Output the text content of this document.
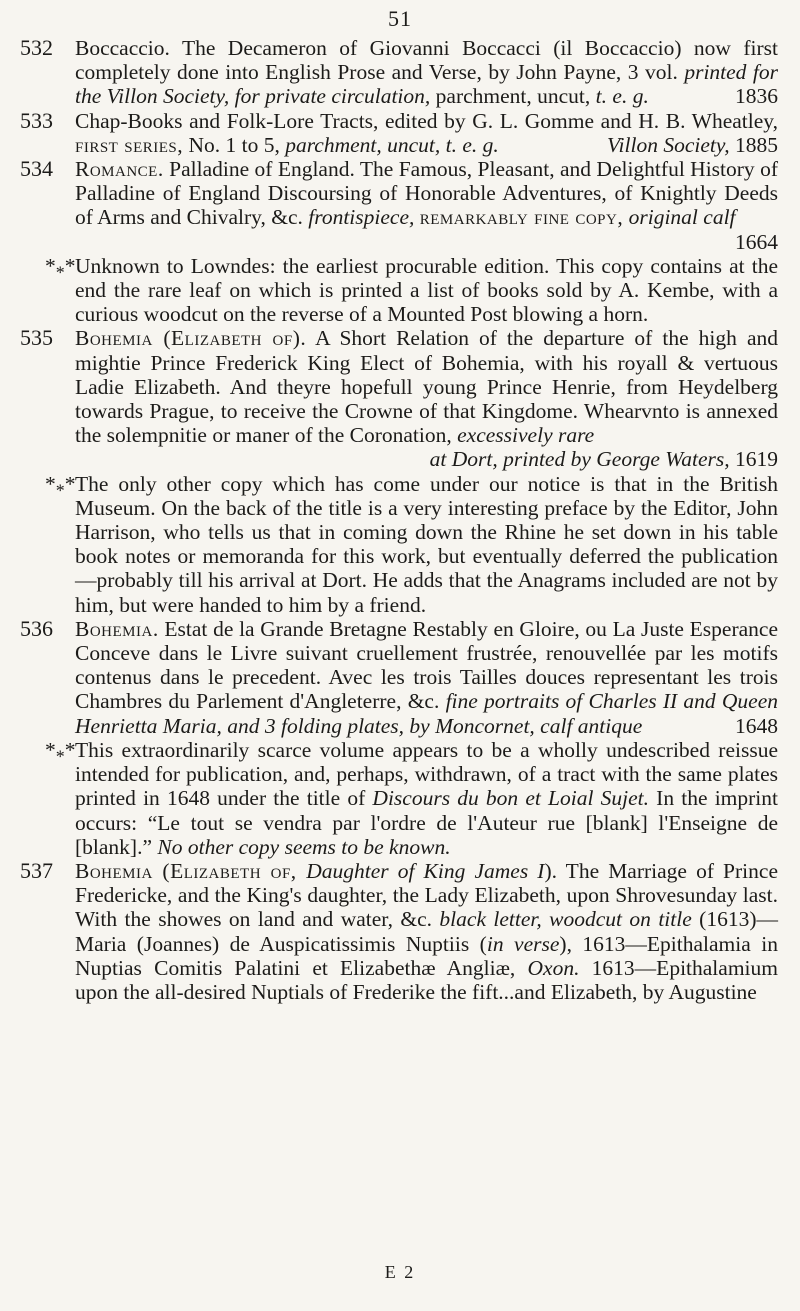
51
532	Boccaccio. The Decameron of Giovanni Boccacci (il Boccaccio) now first completely done into English Prose and Verse, by John Payne, 3 vol. printed for the Villon Society, for private circulation, parchment, uncut, t. e. g.	1836
533	Chap-Books and Folk-Lore Tracts, edited by G. L. Gomme and H. B. Wheatley, first series, No. 1 to 5, parchment, uncut, t. e. g.	Villon Society, 1885
534	Romance. Palladine of England. The Famous, Pleasant, and Delightful History of Palladine of England Discoursing of Honorable Adventures, of Knightly Deeds of Arms and Chivalry, &c. frontispiece, remarkably fine copy, original calf
1664
$*_**$ Unknown to Lowndes: the earliest procurable edition. This copy contains at the end the rare leaf on which is printed a list of books sold by A. Kembe, with a curious woodcut on the reverse of a Mounted Post blowing a horn.
535	Bohemia (Elizabeth of). A Short Relation of the departure of the high and mightie Prince Frederick King Elect of Bohemia, with his royall & vertuous Ladie Elizabeth. And theyre hopefull young Prince Henrie, from Heydelberg towards Prague, to receive the Crowne of that Kingdome. Whearvnto is annexed the solempnitie or maner of the Coronation, excessively rare
at Dort, printed by George Waters, 1619
$*_**$ The only other copy which has come under our notice is that in the British Museum. On the back of the title is a very interesting preface by the Editor, John Harrison, who tells us that in coming down the Rhine he set down in his table book notes or memoranda for this work, but eventually deferred the publication—probably till his arrival at Dort. He adds that the Anagrams included are not by him, but were handed to him by a friend.
536	Bohemia. Estat de la Grande Bretagne Restably en Gloire, ou La Juste Esperance Conceve dans le Livre suivant cruellement frustrée, renouvellée par les motifs contenus dans le precedent. Avec les trois Tailles douces representant les trois Chambres du Parlement d'Angleterre, &c. fine portraits of Charles II and Queen Henrietta Maria, and 3 folding plates, by Moncornet, calf antique	1648
$*_**$ This extraordinarily scarce volume appears to be a wholly undescribed reissue intended for publication, and, perhaps, withdrawn, of a tract with the same plates printed in 1648 under the title of Discours du bon et Loial Sujet. In the imprint occurs: “Le tout se vendra par l'ordre de l'Auteur rue [blank] l'Enseigne de [blank].” No other copy seems to be known.
537	Bohemia (Elizabeth of, Daughter of King James I). The Marriage of Prince Fredericke, and the King's daughter, the Lady Elizabeth, upon Shrovesunday last. With the showes on land and water, &c. black letter, woodcut on title (1613)—Maria (Joannes) de Auspicatissimis Nuptiis (in verse), 1613—Epithalamia in Nuptias Comitis Palatini et Elizabethæ Angliæ, Oxon. 1613—Epithalamium upon the all-desired Nuptials of Frederike the fift...and Elizabeth, by Augustine
E 2
